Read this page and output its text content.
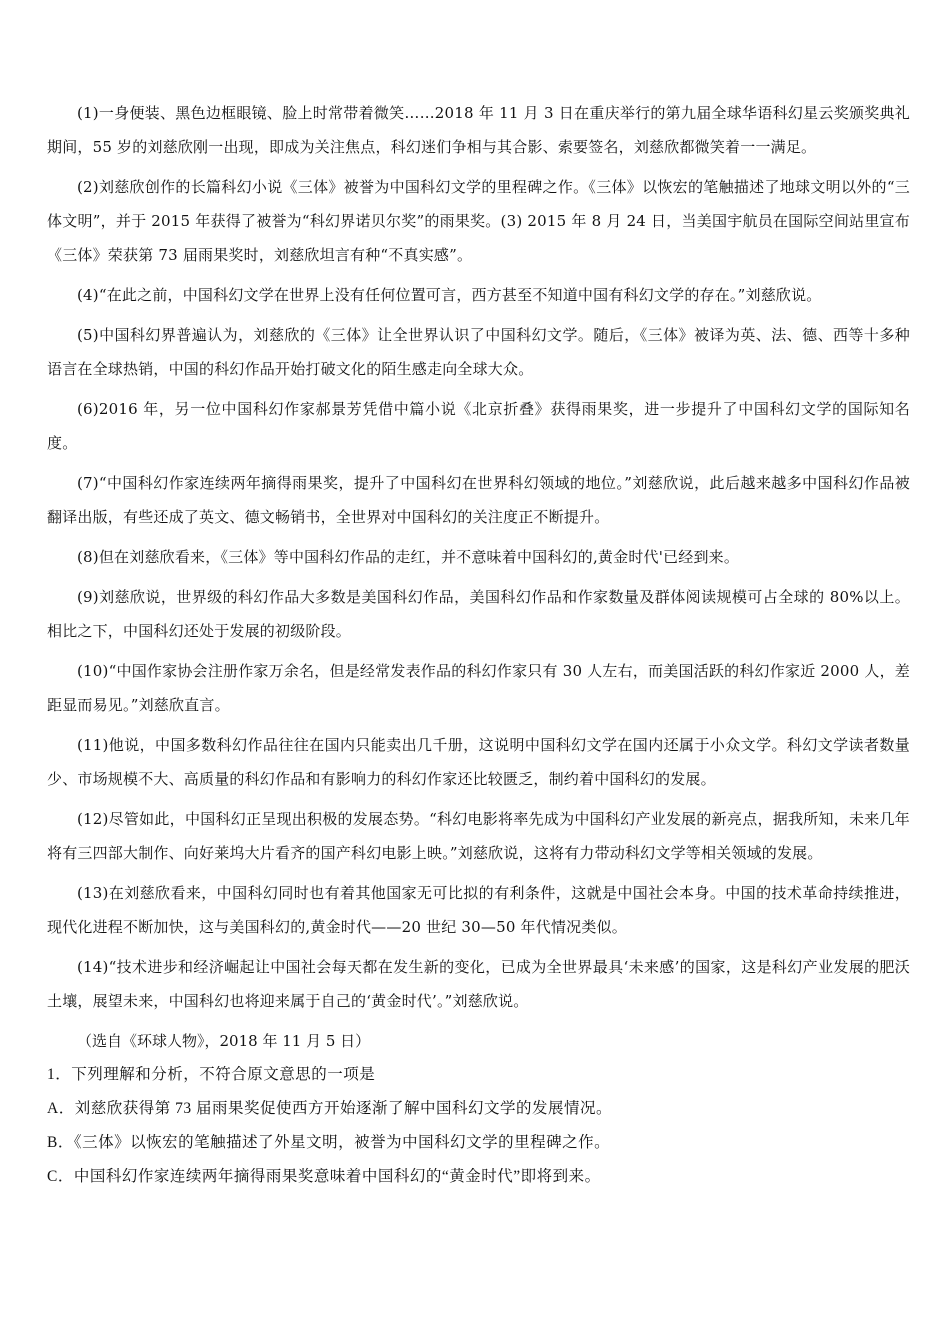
(1)一身便装、黑色边框眼镜、脸上时常带着微笑……2018 年 11 月 3 日在重庆举行的第九届全球华语科幻星云奖颁奖典礼期间，55 岁的刘慈欣刚一出现，即成为关注焦点，科幻迷们争相与其合影、索要签名，刘慈欣都微笑着一一满足。

(2)刘慈欣创作的长篇科幻小说《三体》被誉为中国科幻文学的里程碑之作。《三体》以恢宏的笔触描述了地球文明以外的“三体文明”，并于 2015 年获得了被誉为“科幻界诺贝尔奖”的雨果奖。(3) 2015 年 8 月 24 日，当美国宇航员在国际空间站里宣布《三体》荣获第 73 届雨果奖时，刘慈欣坦言有种“不真实感”。

(4)“在此之前，中国科幻文学在世界上没有任何位置可言，西方甚至不知道中国有科幻文学的存在。”刘慈欣说。

(5)中国科幻界普遍认为，刘慈欣的《三体》让全世界认识了中国科幻文学。随后，《三体》被译为英、法、德、西等十多种语言在全球热销，中国的科幻作品开始打破文化的陌生感走向全球大众。

(6)2016 年，另一位中国科幻作家郝景芳凭借中篇小说《北京折叠》获得雨果奖，进一步提升了中国科幻文学的国际知名度。

(7)“中国科幻作家连续两年摘得雨果奖，提升了中国科幻在世界科幻领域的地位。”刘慈欣说，此后越来越多中国科幻作品被翻译出版，有些还成了英文、德文畅销书，全世界对中国科幻的关注度正不断提升。

(8)但在刘慈欣看来，《三体》等中国科幻作品的走红，并不意味着中国科幻的,黄金时代'已经到来。

(9)刘慈欣说，世界级的科幻作品大多数是美国科幻作品，美国科幻作品和作家数量及群体阅读规模可占全球的 80%以上。相比之下，中国科幻还处于发展的初级阶段。

(10)“中国作家协会注册作家万余名，但是经常发表作品的科幻作家只有 30 人左右，而美国活跃的科幻作家近 2000 人，差距显而易见。”刘慈欣直言。

(11)他说，中国多数科幻作品往往在国内只能卖出几千册，这说明中国科幻文学在国内还属于小众文学。科幻文学读者数量少、市场规模不大、高质量的科幻作品和有影响力的科幻作家还比较匮乏，制约着中国科幻的发展。

(12)尽管如此，中国科幻正呈现出积极的发展态势。“科幻电影将率先成为中国科幻产业发展的新亮点，据我所知，未来几年将有三四部大制作、向好莱坞大片看齐的国产科幻电影上映。”刘慈欣说，这将有力带动科幻文学等相关领域的发展。

(13)在刘慈欣看来，中国科幻同时也有着其他国家无可比拟的有利条件，这就是中国社会本身。中国的技术革命持续推进，现代化进程不断加快，这与美国科幻的,黄金时代——20 世纪 30—50 年代情况类似。

(14)“技术进步和经济崛起让中国社会每天都在发生新的变化，已成为全世界最具‘未来感’的国家，这是科幻产业发展的肥沃土壤，展望未来，中国科幻也将迎来属于自己的‘黄金时代’。”刘慈欣说。

（选自《环球人物》，2018 年 11 月 5 日）

1．下列理解和分析，不符合原文意思的一项是

A．刘慈欣获得第 73 届雨果奖促使西方开始逐渐了解中国科幻文学的发展情况。

B．《三体》以恢宏的笔触描述了外星文明，被誉为中国科幻文学的里程碑之作。

C．中国科幻作家连续两年摘得雨果奖意味着中国科幻的“黄金时代”即将到来。
